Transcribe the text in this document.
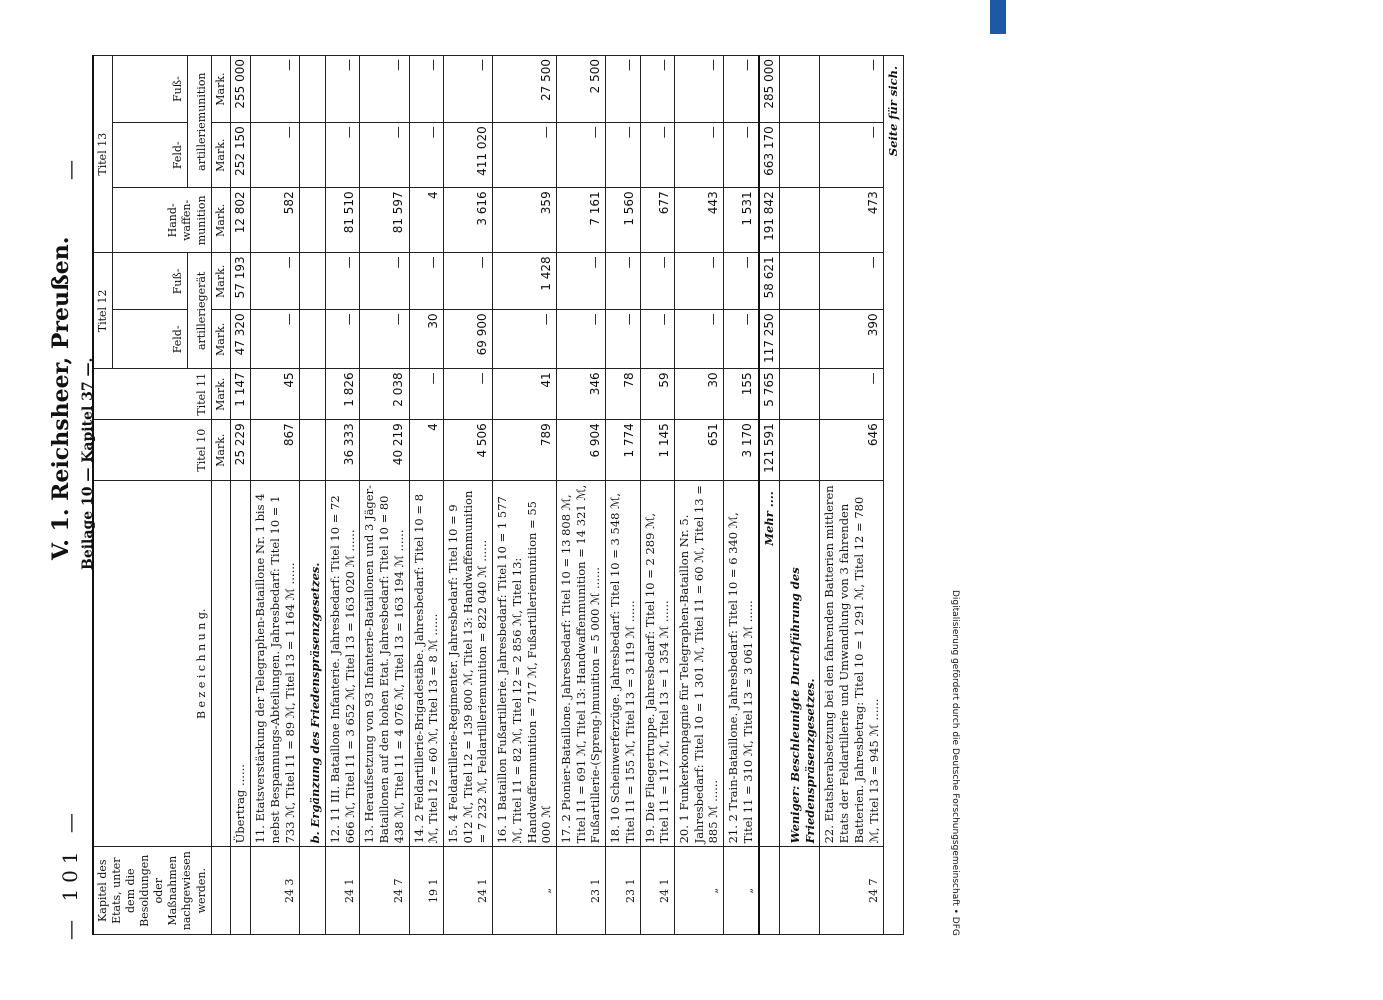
— 101 —
V. 1. Reichsheer, Preußen. Beilage 10 — Kapitel 37 —.
—
Kapitel des Etats, unter dem die Besoldungen oder Maßnahmen nachgewiesen werden.	B e z e i c h n u n g.	Titel 10	Titel 11	Titel 12		Titel 13		
				Feld-	Fuß-	Hand-waffen-munition	Feld-	Fuß-
				artilleriegerät			artilleriemunition	
		Mark.	Mark.	Mark.	Mark.	Mark.	Mark.	Mark.
	Übertrag ......	25 229	1 147	47 320	57 193	12 802	252 150	255 000
24 3	11. Etatsverstärkung der Telegraphen-Bataillone Nr. 1 bis 4 nebst Bespannungs-Abteilungen. Jahresbedarf: Titel 10 = 1 733 ℳ, Titel 11 = 89 ℳ, Titel 13 = 1 164 ℳ ......	867	45	—	—	582	—	—
	b. Ergänzung des Friedenspräsenzgesetzes.							
24 1	12. 11 III. Bataillone Infanterie. Jahresbedarf: Titel 10 = 72 666 ℳ, Titel 11 = 3 652 ℳ, Titel 13 = 163 020 ℳ ......	36 333	1 826	—	—	81 510	—	—
24 7	13. Heraufsetzung von 93 Infanterie-Bataillonen und 3 Jäger-Bataillonen auf den hohen Etat. Jahresbedarf: Titel 10 = 80 438 ℳ, Titel 11 = 4 076 ℳ, Titel 13 = 163 194 ℳ ......	40 219	2 038	—	—	81 597	—	—
19 1	14. 2 Feldartillerie-Brigadestäbe. Jahresbedarf: Titel 10 = 8 ℳ, Titel 12 = 60 ℳ, Titel 13 = 8 ℳ ......	4	—	30	—	4	—	—
24 1	15. 4 Feldartillerie-Regimenter. Jahresbedarf: Titel 10 = 9 012 ℳ, Titel 12 = 139 800 ℳ, Titel 13: Handwaffenmunition = 7 232 ℳ, Feldartilleriemunition = 822 040 ℳ ......	4 506	—	69 900	—	3 616	411 020	—
„	16. 1 Bataillon Fußartillerie. Jahresbedarf: Titel 10 = 1 577 ℳ, Titel 11 = 82 ℳ, Titel 12 = 2 856 ℳ, Titel 13: Handwaffenmunition = 717 ℳ, Fußartilleriemunition = 55 000 ℳ	789	41	—	1 428	359	—	27 500
23 1	17. 2 Pionier-Bataillone. Jahresbedarf: Titel 10 = 13 808 ℳ, Titel 11 = 691 ℳ, Titel 13: Handwaffenmunition = 14 321 ℳ, Fußartillerie-(Spreng-)munition = 5 000 ℳ ......	6 904	346	—	—	7 161	—	2 500
23 1	18. 10 Scheinwerferzüge. Jahresbedarf: Titel 10 = 3 548 ℳ, Titel 11 = 155 ℳ, Titel 13 = 3 119 ℳ ......	1 774	78	—	—	1 560	—	—
24 1	19. Die Fliegertruppe. Jahresbedarf: Titel 10 = 2 289 ℳ, Titel 11 = 117 ℳ, Titel 13 = 1 354 ℳ ......	1 145	59	—	—	677	—	—
„	20. 1 Funkerkompagnie für Telegraphen-Bataillon Nr. 5. Jahresbedarf: Titel 10 = 1 301 ℳ, Titel 11 = 60 ℳ, Titel 13 = 885 ℳ ......	651	30	—	—	443	—	—
„	21. 2 Train-Bataillone. Jahresbedarf: Titel 10 = 6 340 ℳ, Titel 11 = 310 ℳ, Titel 13 = 3 061 ℳ ......	3 170	155	—	—	1 531	—	—
	Mehr ....	121 591	5 765	117 250	58 621	191 842	663 170	285 000
	Weniger: Beschleunigte Durchführung des Friedenspräsenzgesetzes.							
24 7	22. Etatsherabsetzung bei den fahrenden Batterien mittleren Etats der Feldartillerie und Umwandlung von 3 fahrenden Batterien. Jahresbetrag: Titel 10 = 1 291 ℳ, Titel 12 = 780 ℳ, Titel 13 = 945 ℳ ......	646	—	390	—	473	—	—
Seite für sich.								
Digitalisierung gefördert durch die Deutsche Forschungsgemeinschaft • DFG
